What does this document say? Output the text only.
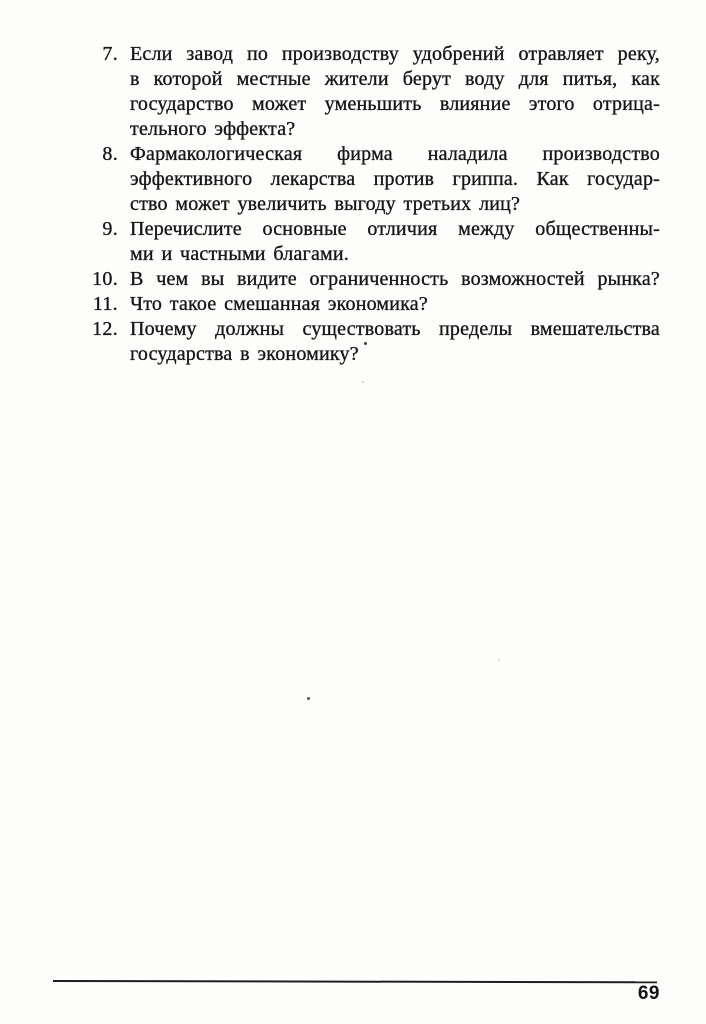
7. Если завод по производству удобрений отравляет реку,
в которой местные жители берут воду для питья, как
государство может уменьшить влияние этого отрица-
тельного эффекта?
8. Фармакологическая фирма наладила производство
эффективного лекарства против гриппа. Как государ-
ство может увеличить выгоду третьих лиц?
9. Перечислите основные отличия между общественны-
ми и частными благами.
10. В чем вы видите ограниченность возможностей рынка?
11. Что такое смешанная экономика?
12. Почему должны существовать пределы вмешательства
государства в экономику?
69
